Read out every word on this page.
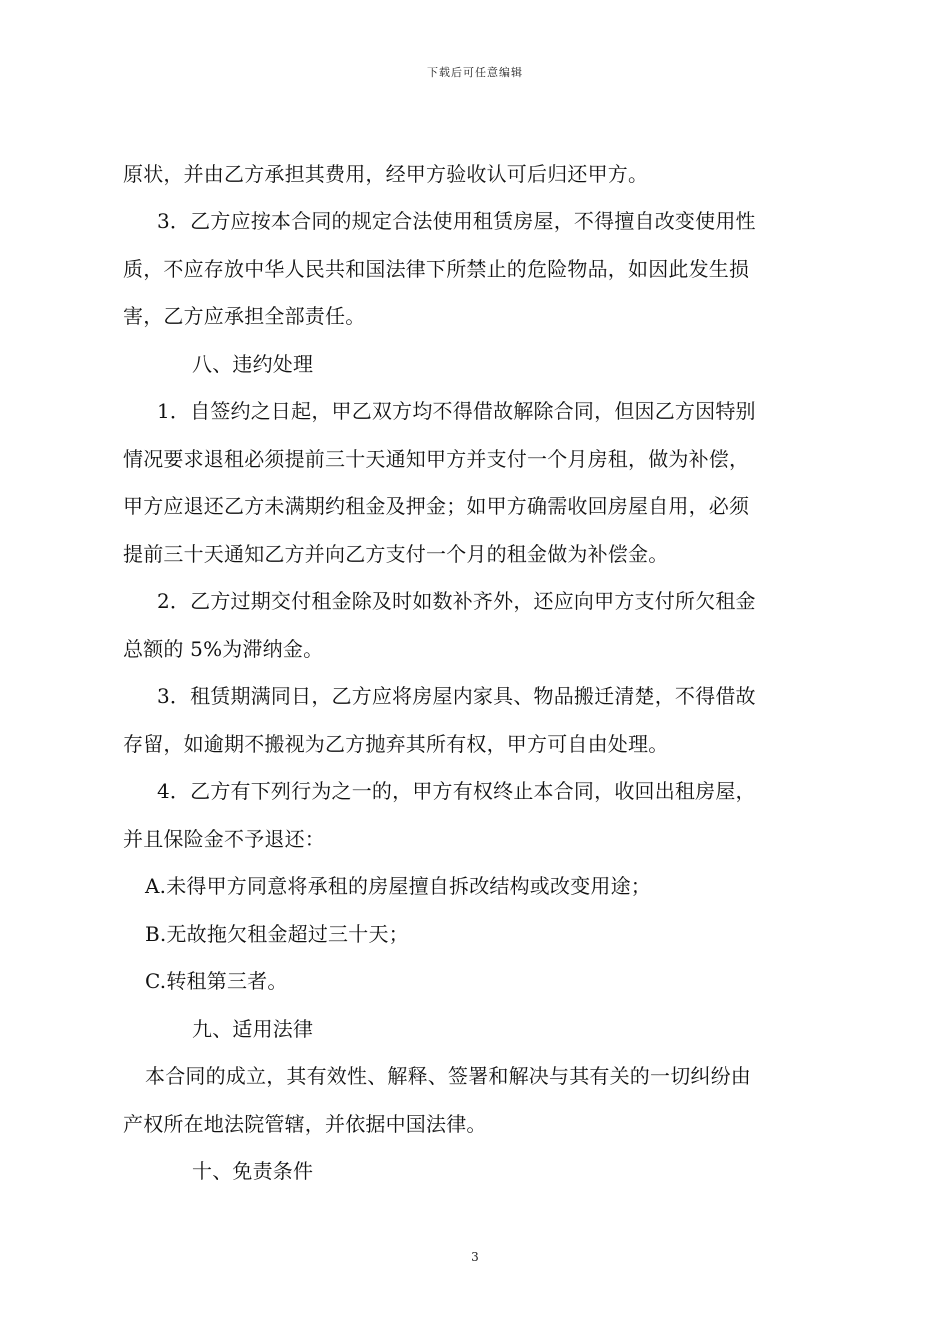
下载后可任意编辑
原状，并由乙方承担其费用，经甲方验收认可后归还甲方。
3．乙方应按本合同的规定合法使用租赁房屋，不得擅自改变使用性
质，不应存放中华人民共和国法律下所禁止的危险物品，如因此发生损
害，乙方应承担全部责任。
八、违约处理
1．自签约之日起，甲乙双方均不得借故解除合同，但因乙方因特别
情况要求退租必须提前三十天通知甲方并支付一个月房租，做为补偿，
甲方应退还乙方未满期约租金及押金；如甲方确需收回房屋自用，必须
提前三十天通知乙方并向乙方支付一个月的租金做为补偿金。
2．乙方过期交付租金除及时如数补齐外，还应向甲方支付所欠租金
总额的 5%为滞纳金。
3．租赁期满同日，乙方应将房屋内家具、物品搬迁清楚，不得借故
存留，如逾期不搬视为乙方抛弃其所有权，甲方可自由处理。
4．乙方有下列行为之一的，甲方有权终止本合同，收回出租房屋，
并且保险金不予退还：
A.未得甲方同意将承租的房屋擅自拆改结构或改变用途；
B.无故拖欠租金超过三十天；
C.转租第三者。
九、适用法律
本合同的成立，其有效性、解释、签署和解决与其有关的一切纠纷由
产权所在地法院管辖，并依据中国法律。
十、免责条件
3
